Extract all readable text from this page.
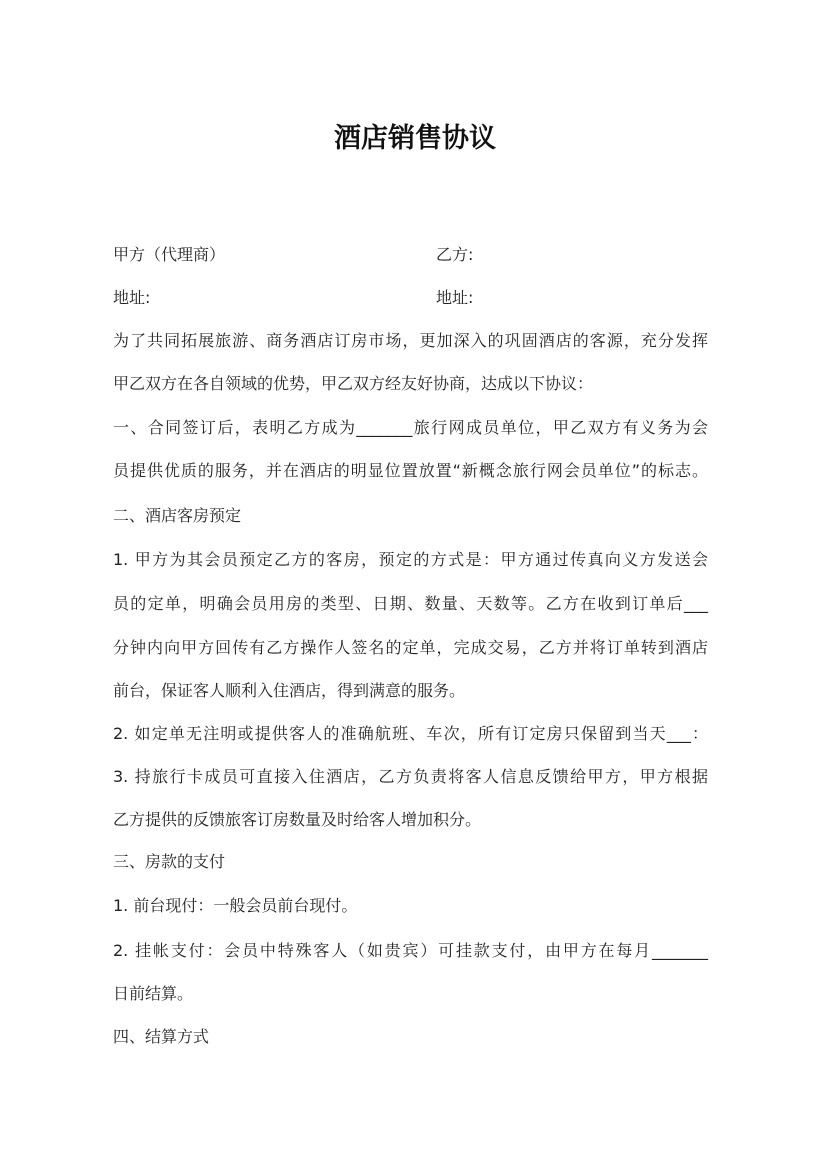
酒店销售协议
甲方（代理商）	乙方:
地址:	地址:
为了共同拓展旅游、商务酒店订房市场，更加深入的巩固酒店的客源，充分发挥
甲乙双方在各自领域的优势，甲乙双方经友好协商，达成以下协议：
一、合同签订后，表明乙方成为_______旅行网成员单位，甲乙双方有义务为会
员提供优质的服务，并在酒店的明显位置放置“新概念旅行网会员单位”的标志。
二、酒店客房预定
1. 甲方为其会员预定乙方的客房，预定的方式是：甲方通过传真向义方发送会
员的定单，明确会员用房的类型、日期、数量、天数等。乙方在收到订单后___
分钟内向甲方回传有乙方操作人签名的定单，完成交易，乙方并将订单转到酒店
前台，保证客人顺利入住酒店，得到满意的服务。
2. 如定单无注明或提供客人的准确航班、车次，所有订定房只保留到当天___：
3. 持旅行卡成员可直接入住酒店，乙方负责将客人信息反馈给甲方，甲方根据
乙方提供的反馈旅客订房数量及时给客人增加积分。
三、房款的支付
1. 前台现付：一般会员前台现付。
2. 挂帐支付：会员中特殊客人（如贵宾）可挂款支付，由甲方在每月_______
日前结算。
四、结算方式
